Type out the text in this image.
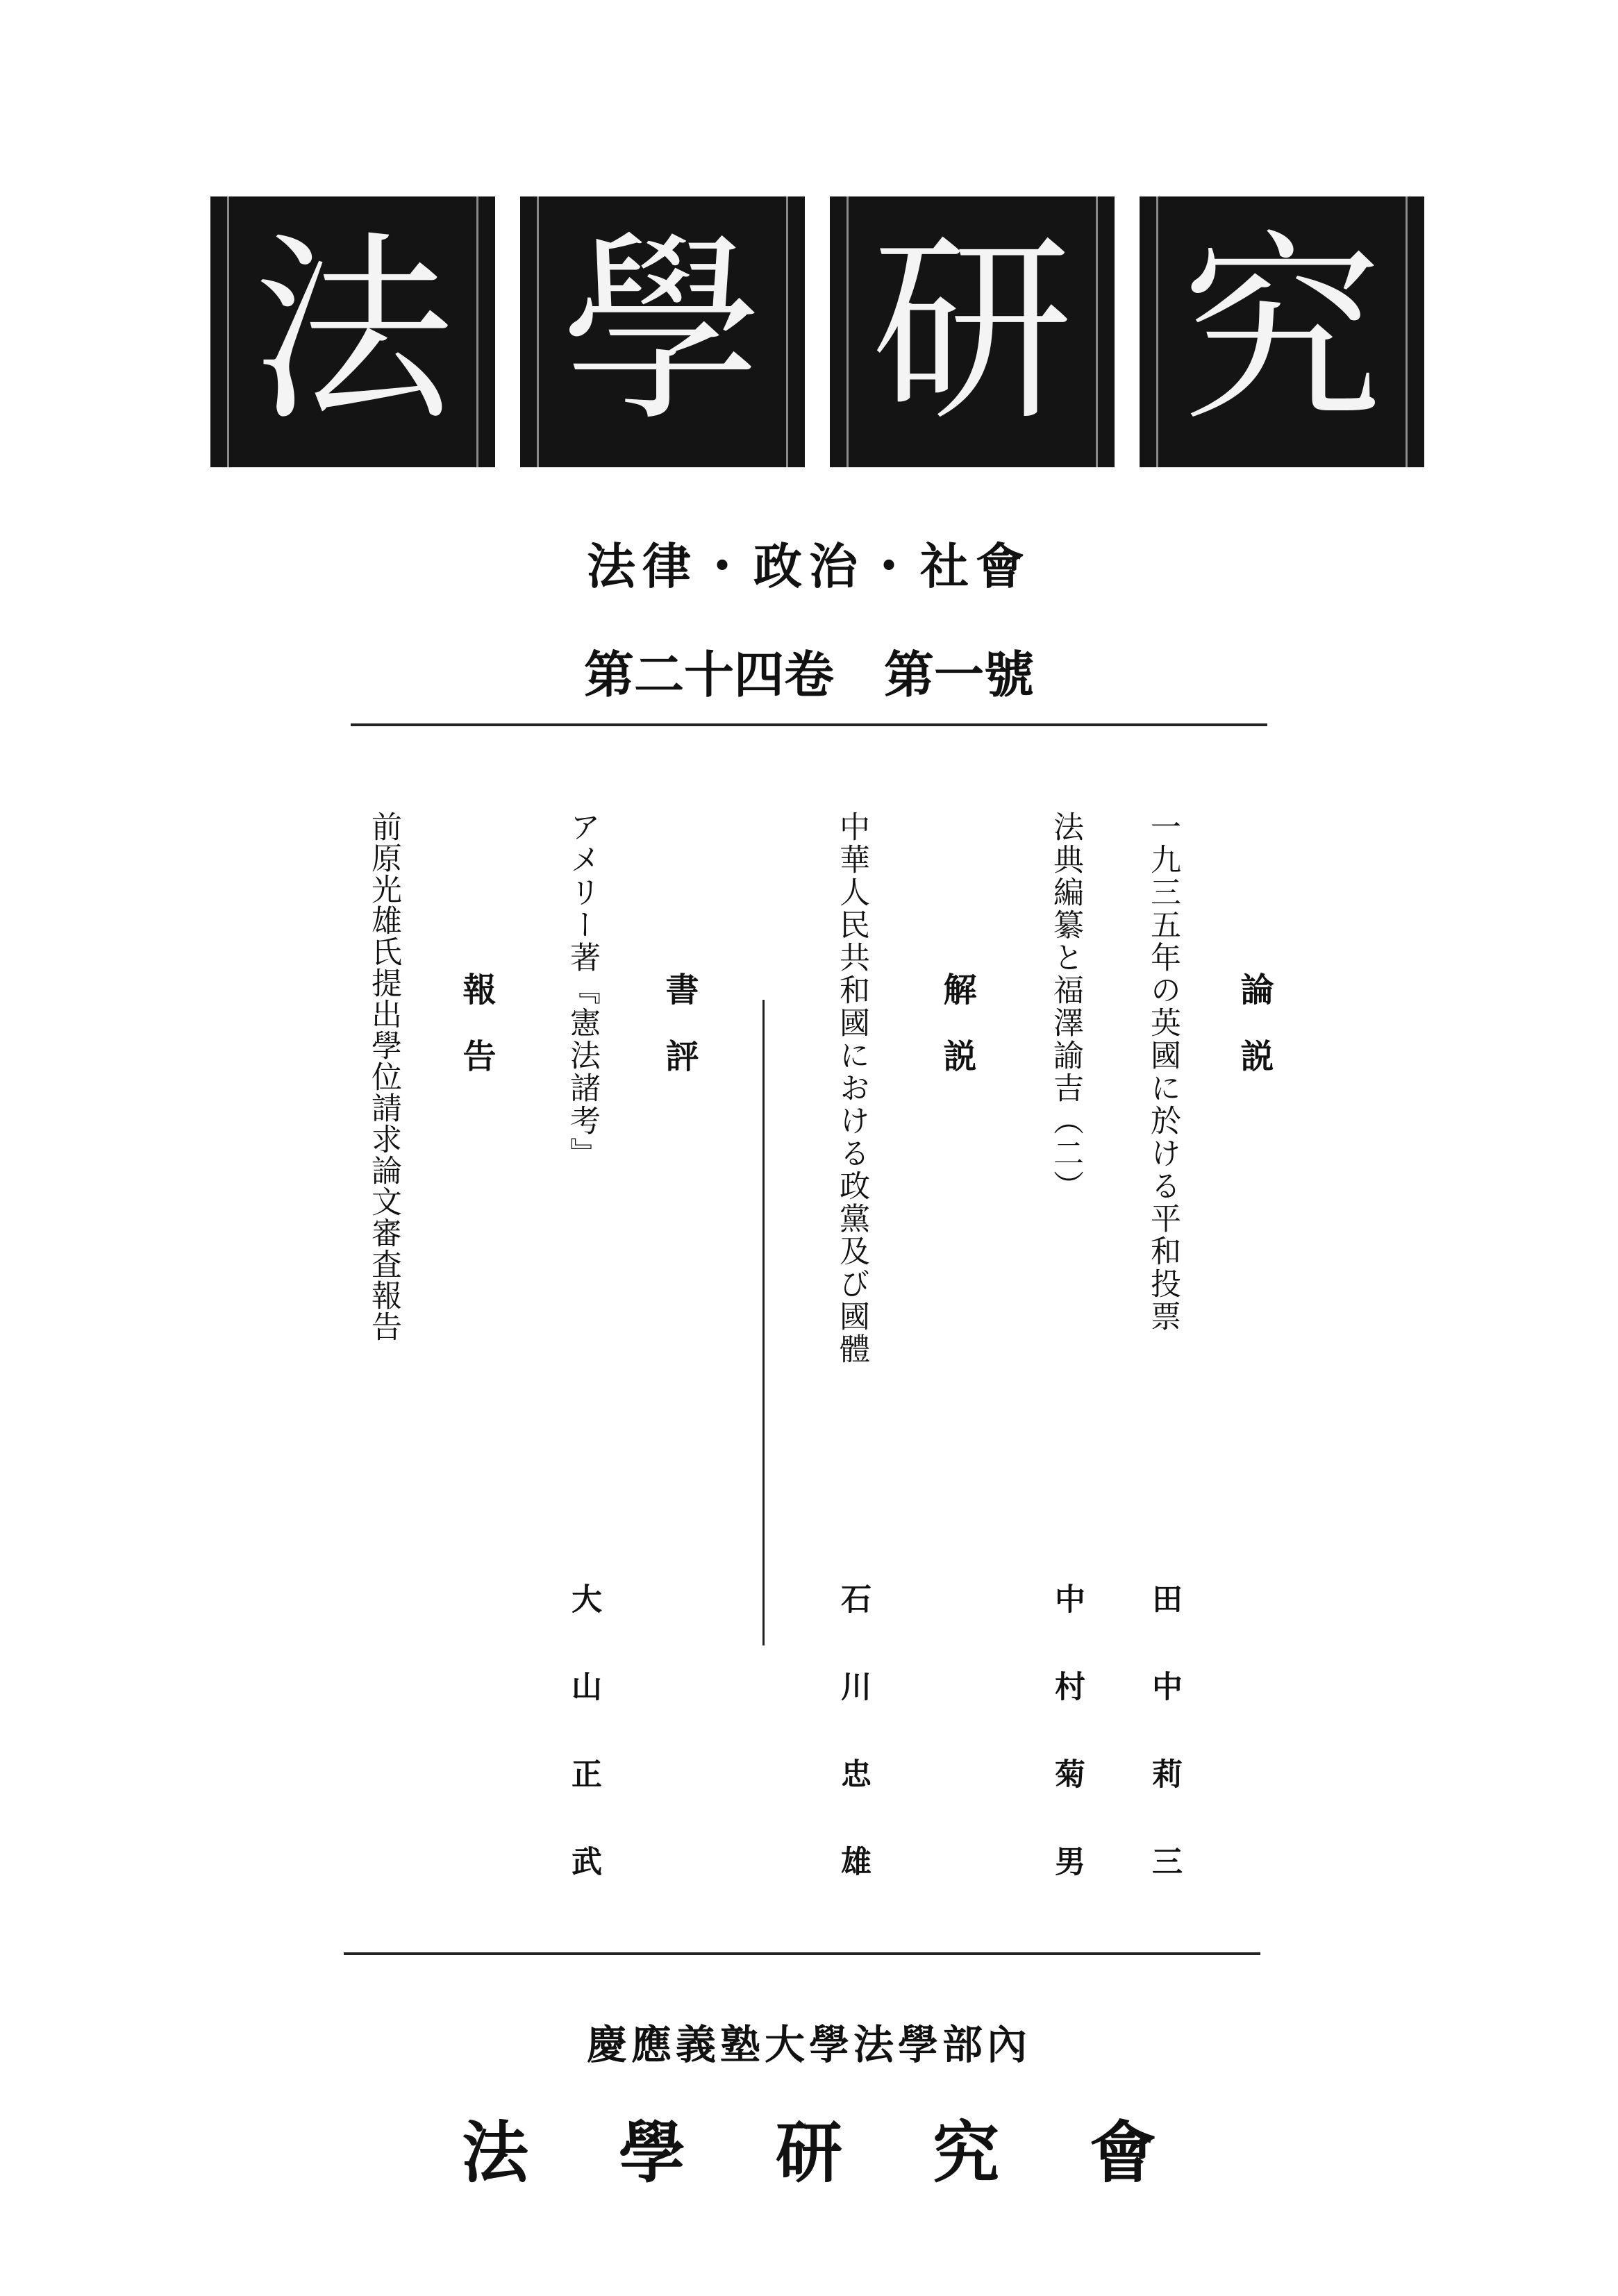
法 學 研 究
法律・政治・社會
第二十四卷　第一號
論　説
一九三五年の英國に於ける平和投票
田中莉三
法典編纂と福澤諭吉（二）
中村菊男
解　説
中華人民共和國における政黨及び國體
石川忠雄
書　評
アメリー著『憲法諸考』
大山正武
報　告
前原光雄氏提出學位請求論文審査報告
慶應義塾大學法學部內
法學研究會
